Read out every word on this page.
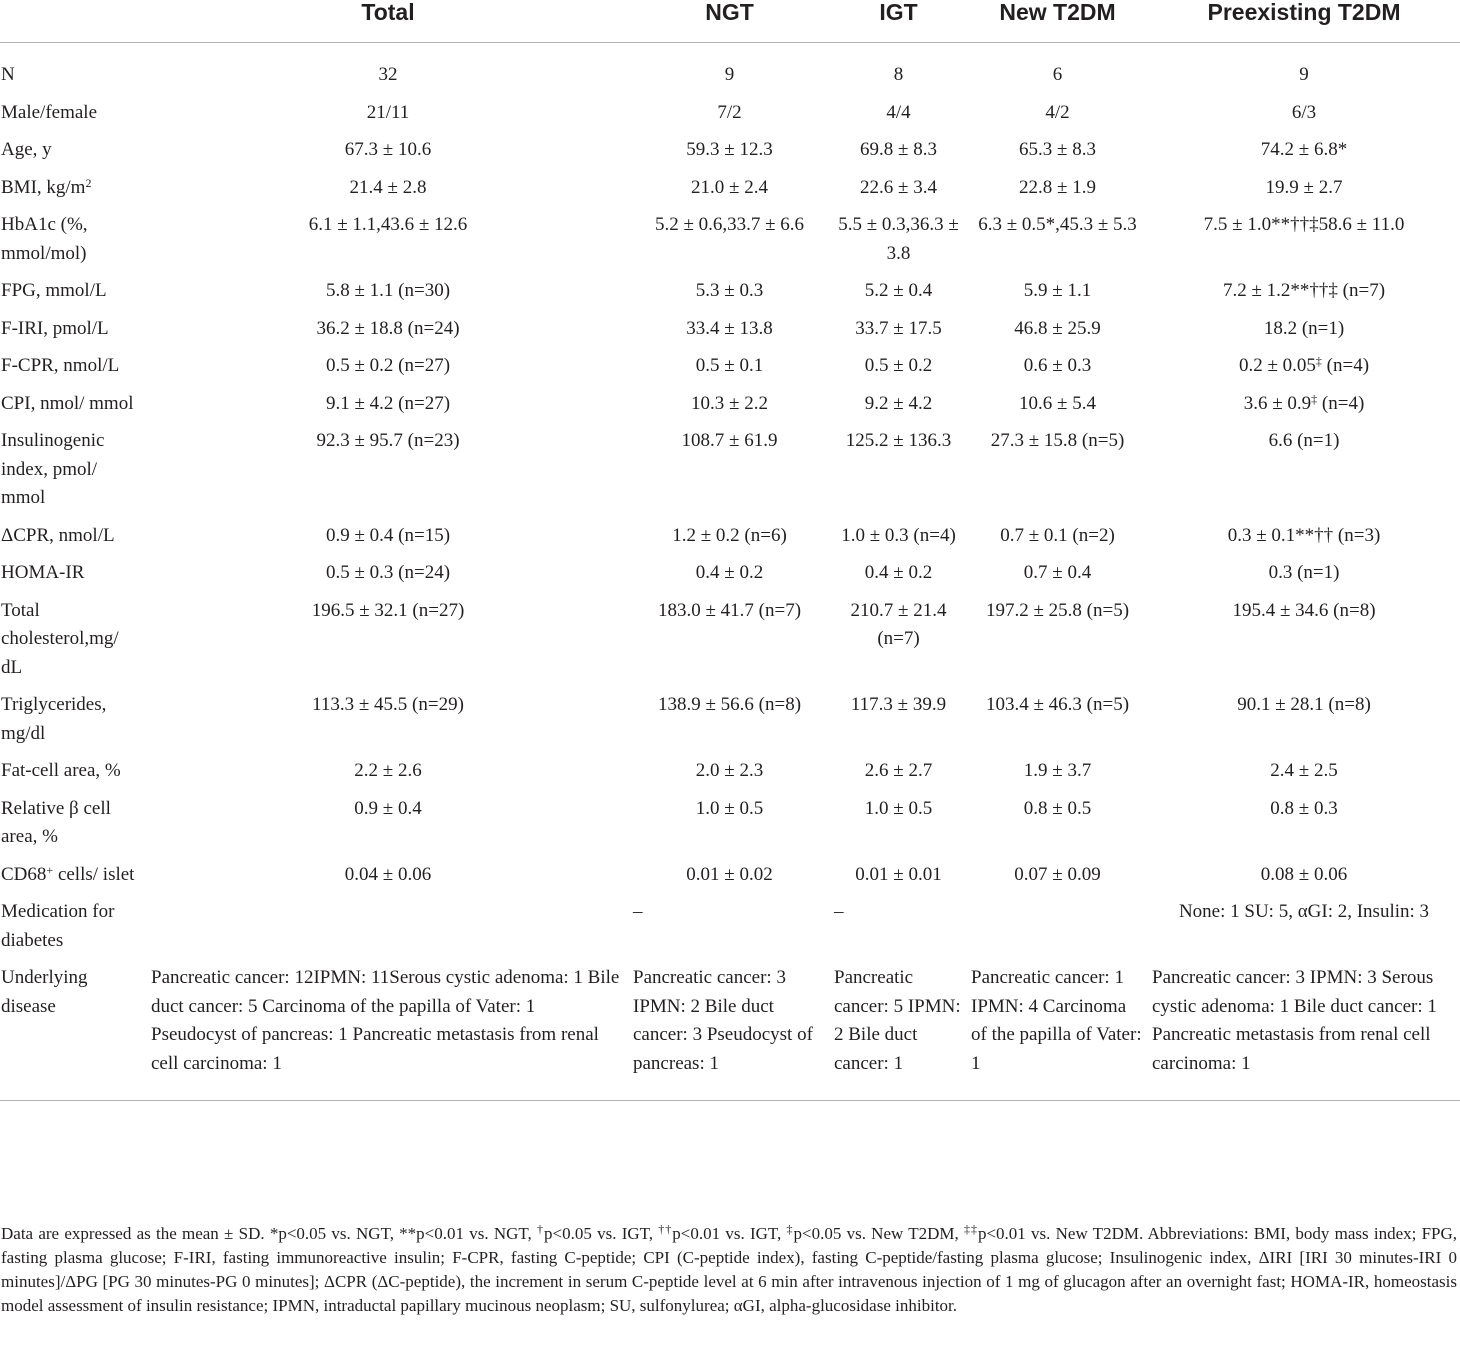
	Total	NGT	IGT	New T2DM	Preexisting T2DM
N	32	9	8	6	9
Male/female	21/11	7/2	4/4	4/2	6/3
Age, y	67.3 ± 10.6	59.3 ± 12.3	69.8 ± 8.3	65.3 ± 8.3	74.2 ± 6.8*
BMI, $kg/m^2$	21.4 ± 2.8	21.0 ± 2.4	22.6 ± 3.4	22.8 ± 1.9	19.9 ± 2.7
HbA1c (%, mmol/mol)	6.1 ± 1.1,43.6 ± 12.6	5.2 ± 0.6,33.7 ± 6.6	5.5 ± 0.3,36.3 ± 3.8	6.3 ± 0.5*,45.3 ± 5.3	7.5 ± 1.0**††‡58.6 ± 11.0
FPG, mmol/L	5.8 ± 1.1 (n=30)	5.3 ± 0.3	5.2 ± 0.4	5.9 ± 1.1	7.2 ± 1.2**††‡ (n=7)
F-IRI, pmol/L	36.2 ± 18.8 (n=24)	33.4 ± 13.8	33.7 ± 17.5	46.8 ± 25.9	18.2 (n=1)
F-CPR, nmol/L	0.5 ± 0.2 (n=27)	0.5 ± 0.1	0.5 ± 0.2	0.6 ± 0.3	0.2 ± 0.05‡ (n=4)
CPI, nmol/ mmol	9.1 ± 4.2 (n=27)	10.3 ± 2.2	9.2 ± 4.2	10.6 ± 5.4	3.6 ± 0.9‡ (n=4)
Insulinogenic index, pmol/ mmol	92.3 ± 95.7 (n=23)	108.7 ± 61.9	125.2 ± 136.3	27.3 ± 15.8 (n=5)	6.6 (n=1)
ΔCPR, nmol/L	0.9 ± 0.4 (n=15)	1.2 ± 0.2 (n=6)	1.0 ± 0.3 (n=4)	0.7 ± 0.1 (n=2)	0.3 ± 0.1**†† (n=3)
HOMA-IR	0.5 ± 0.3 (n=24)	0.4 ± 0.2	0.4 ± 0.2	0.7 ± 0.4	0.3 (n=1)
Total cholesterol,mg/ dL	196.5 ± 32.1 (n=27)	183.0 ± 41.7 (n=7)	210.7 ± 21.4 (n=7)	197.2 ± 25.8 (n=5)	195.4 ± 34.6 (n=8)
Triglycerides, mg/dl	113.3 ± 45.5 (n=29)	138.9 ± 56.6 (n=8)	117.3 ± 39.9	103.4 ± 46.3 (n=5)	90.1 ± 28.1 (n=8)
Fat-cell area, %	2.2 ± 2.6	2.0 ± 2.3	2.6 ± 2.7	1.9 ± 3.7	2.4 ± 2.5
Relative β cell area, %	0.9 ± 0.4	1.0 ± 0.5	1.0 ± 0.5	0.8 ± 0.5	0.8 ± 0.3
CD68+ cells/ islet	0.04 ± 0.06	0.01 ± 0.02	0.01 ± 0.01	0.07 ± 0.09	0.08 ± 0.06
Medication for diabetes		–	–		None: 1 SU: 5, αGI: 2, Insulin: 3
Underlying disease	Pancreatic cancer: 12IPMN: 11Serous cystic adenoma: 1 Bile duct cancer: 5 Carcinoma of the papilla of Vater: 1 Pseudocyst of pancreas: 1 Pancreatic metastasis from renal cell carcinoma: 1	Pancreatic cancer: 3 IPMN: 2 Bile duct cancer: 3 Pseudocyst of pancreas: 1	Pancreatic cancer: 5 IPMN: 2 Bile duct cancer: 1	Pancreatic cancer: 1 IPMN: 4 Carcinoma of the papilla of Vater: 1	Pancreatic cancer: 3 IPMN: 3 Serous cystic adenoma: 1 Bile duct cancer: 1 Pancreatic metastasis from renal cell carcinoma: 1
Data are expressed as the mean ± SD. *p<0.05 vs. NGT, **p<0.01 vs. NGT, †p<0.05 vs. IGT, ††p<0.01 vs. IGT, ‡p<0.05 vs. New T2DM, ‡‡p<0.01 vs. New T2DM. Abbreviations: BMI, body mass index; FPG, fasting plasma glucose; F-IRI, fasting immunoreactive insulin; F-CPR, fasting C-peptide; CPI (C-peptide index), fasting C-peptide/fasting plasma glucose; Insulinogenic index, ΔIRI [IRI 30 minutes-IRI 0 minutes]/ΔPG [PG 30 minutes-PG 0 minutes]; ΔCPR (ΔC-peptide), the increment in serum C-peptide level at 6 min after intravenous injection of 1 mg of glucagon after an overnight fast; HOMA-IR, homeostasis model assessment of insulin resistance; IPMN, intraductal papillary mucinous neoplasm; SU, sulfonylurea; αGI, alpha-glucosidase inhibitor.
